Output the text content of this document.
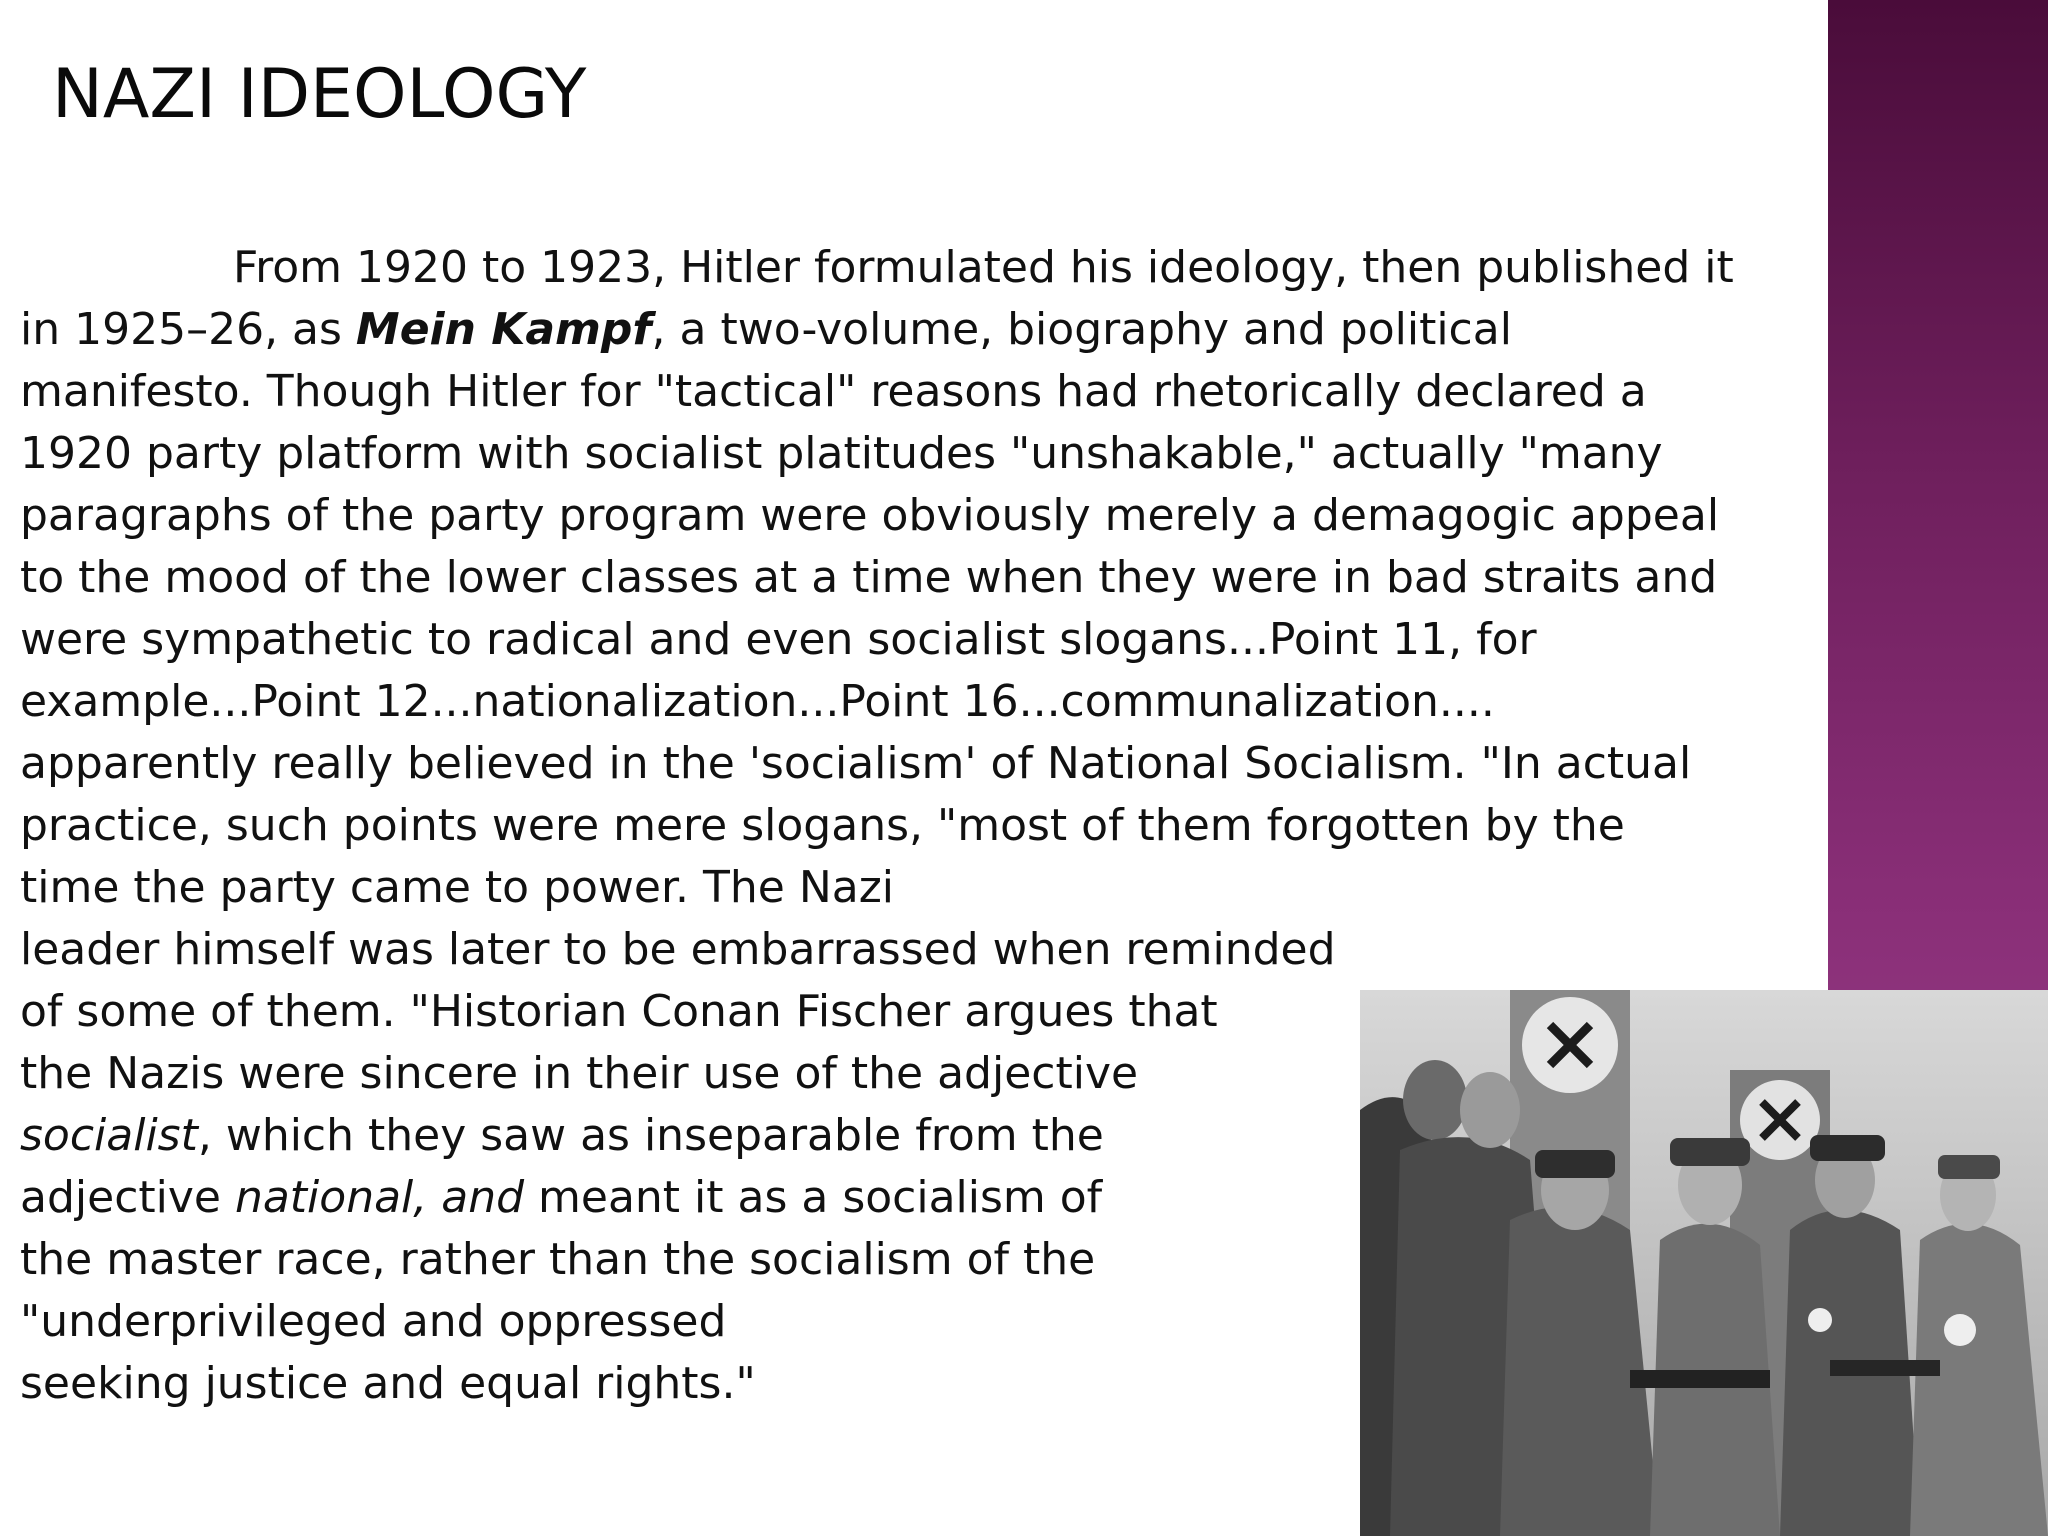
NAZI IDEOLOGY
From 1920 to 1923, Hitler formulated his ideology, then published it
in 1925–26, as Mein Kampf, a two-volume, biography and political
manifesto. Though Hitler for "tactical" reasons had rhetorically declared a
1920 party platform with socialist platitudes "unshakable," actually "many
paragraphs of the party program were obviously merely a demagogic appeal
to the mood of the lower classes at a time when they were in bad straits and
were sympathetic to radical and even socialist slogans...Point 11, for
example...Point 12...nationalization...Point 16...communalization....
apparently really believed in the 'socialism' of National Socialism. "In actual
practice, such points were mere slogans, "most of them forgotten by the
time the party came to power. The Nazi
leader himself was later to be embarrassed when reminded
of some of them. "Historian Conan Fischer argues that
the Nazis were sincere in their use of the adjective
socialist, which they saw as inseparable from the
adjective national, and meant it as a socialism of
the master race, rather than the socialism of the
"underprivileged and oppressed
seeking justice and equal rights."
